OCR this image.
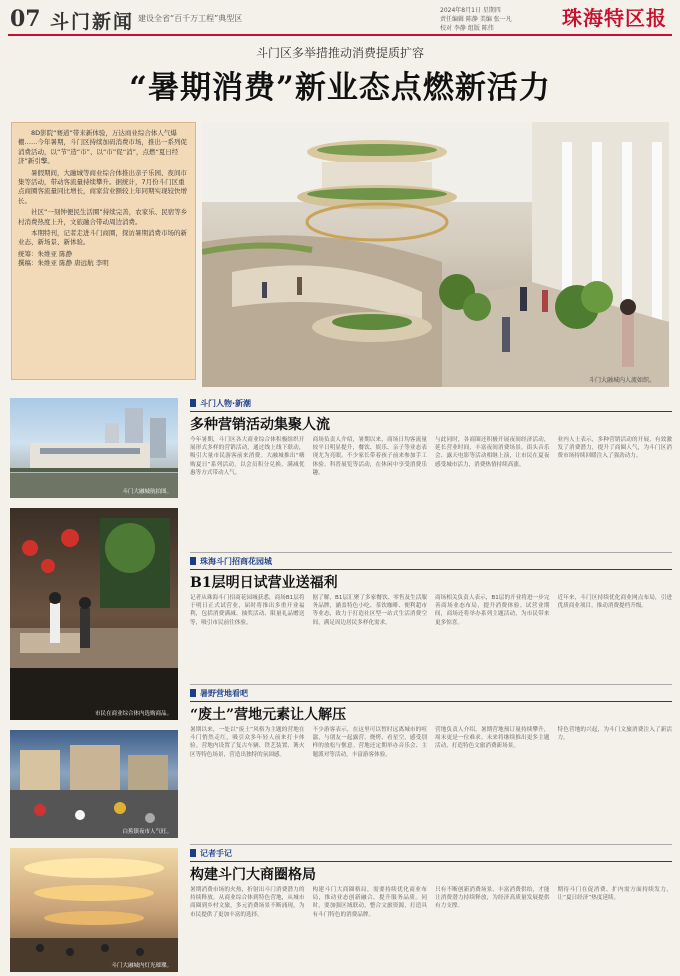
07 斗门新闻 建设全省“百千万工程”典型区
2024年8月1日 星期四
责任编辑 陈静 美编 张一凡
校对 李静 组版 陈伟	珠海特区报
斗门区多举措推动消费提质扩容
“暑期消费”新业态点燃新活力

8D影院“赛道”带来新体验，万达商业综合体人气爆棚……今年暑期，斗门区持续加码消费市场，推出一系列促消费活动，以“节”造“市”、以“市”促“消”，点燃“夏日经济”新引擎。

暑假期间，大融城等商业综合体推出亲子乐园、夜间市集等活动，带动客流量持续攀升。据统计，7月份斗门区重点商圈客流量同比增长，商家营业额较上年同期实现较快增长。

社区“一刻钟便民生活圈”持续完善，农家乐、民宿等乡村消费热度上升，文旅融合带动周边消费。

本期特刊，记者走进斗门商圈，探访暑期消费市场的新业态、新场景、新体验。

统筹：朱维亚 陈静

撰稿：朱维亚 陈静 唐远航 李明

斗门大融城内人流如织。
斗门大融城航拍图。
市民在商业综合体内选购商品。
白蕉镇夜市人气旺。
斗门大融城内灯光璀璨。
斗门人物·新潮
多种营销活动集聚人流
今年暑期，斗门区各大商业综合体积极组织开展形式多样的营销活动，通过线上线下联动，吸引大量市民游客前来消费。大融城推出“嗨购夏日”系列活动，以会员积分兑换、满减优惠等方式带动人气。
商场负责人介绍，暑期以来，商场日均客流量较平日明显提升，餐饮、娱乐、亲子等业态表现尤为亮眼。不少家长带着孩子前来参加手工体验、科普展览等活动，在休闲中享受消费乐趣。
与此同时，各商圈还积极开展夜间经济活动，延长营业时间，丰富夜间消费场景。街头音乐会、露天电影等活动相继上演，让市民在夏夜感受城市活力，消费热情持续高涨。
业内人士表示，多种营销活动的开展，有效激发了消费潜力，提升了商圈人气，为斗门区消费市场持续回暖注入了强劲动力。
珠海斗门招商花园城
B1层明日试营业送福利
记者从珠海斗门招商花园城获悉，商场B1层将于明日正式试营业，届时将推出多重开业福利，包括消费满减、抽奖活动、限量礼品赠送等，吸引市民前往体验。
据了解，B1层汇聚了多家餐饮、零售及生活服务品牌，涵盖特色小吃、茶饮咖啡、便利超市等业态，致力于打造社区型一站式生活消费空间，满足周边居民多样化需求。
商场相关负责人表示，B1层的开业将进一步完善商场业态布局，提升消费体验。试营业期间，商场还将举办系列主题活动，为市民带来更多惊喜。
近年来，斗门区持续优化商业网点布局，引进优质商业项目，推动消费提档升级。
暑野营地看吧
“废土”营地元素让人解压
暑期以来，一处以“废土”风格为主题的营地在斗门悄然走红，吸引众多年轻人前来打卡体验。营地内设置了复古车辆、铁艺装置、篝火区等特色场景，营造出独特的氛围感。
不少游客表示，在这里可以暂时远离城市的喧嚣，与朋友一起露营、烧烤、看星空，感受别样的放松与惬意。营地还定期举办音乐会、主题派对等活动，丰富游客体验。
营地负责人介绍，暑期营地预订量持续攀升，周末更是一位难求。未来将继续推出更多主题活动，打造特色文旅消费新场景。
特色营地的兴起，为斗门文旅消费注入了新活力。
记者手记
构建斗门大商圈格局
暑期消费市场的火热，折射出斗门消费潜力的持续释放。从商业综合体到特色营地，从城市商圈到乡村文旅，多元消费场景不断涌现，为市民提供了更加丰富的选择。
构建斗门大商圈格局，需要持续优化商业布局，推动业态创新融合，提升服务品质。同时，要加强区域联动，整合文旅资源，打造具有斗门特色的消费品牌。
只有不断创新消费场景、丰富消费供给，才能让消费潜力持续释放，为经济高质量发展提供有力支撑。
期待斗门在促消费、扩内需方面持续发力，让“夏日经济”热度延续。
